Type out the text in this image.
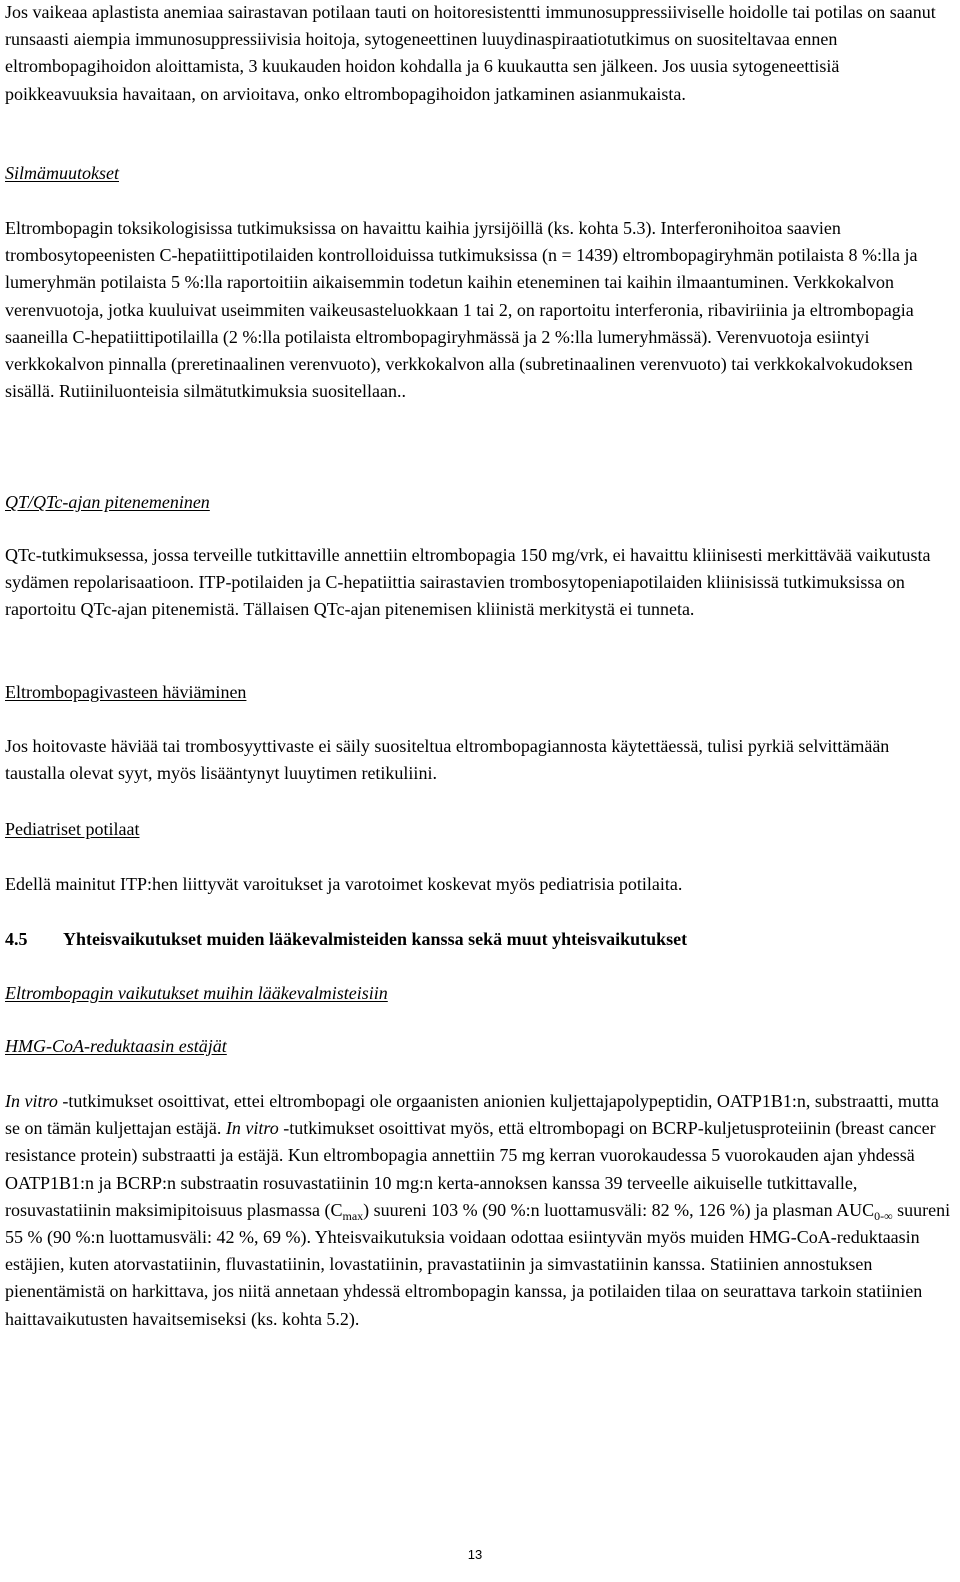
Jos vaikeaa aplastista anemiaa sairastavan potilaan tauti on hoitoresistentti immunosuppressiiviselle hoidolle tai potilas on saanut runsaasti aiempia immunosuppressiivisia hoitoja, sytogeneettinen luuydinaspiraatiotutkimus on suositeltavaa ennen eltrombopagihoidon aloittamista, 3 kuukauden hoidon kohdalla ja 6 kuukautta sen jälkeen. Jos uusia sytogeneettisiä poikkeavuuksia havaitaan, on arvioitava, onko eltrombopagihoidon jatkaminen asianmukaista.

Silmämuutokset

Eltrombopagin toksikologisissa tutkimuksissa on havaittu kaihia jyrsijöillä (ks. kohta 5.3). Interferonihoitoa saavien trombosytopeenisten C-hepatiittipotilaiden kontrolloiduissa tutkimuksissa (n = 1439) eltrombopagiryhmän potilaista 8 %:lla ja lumeryhmän potilaista 5 %:lla raportoitiin aikaisemmin todetun kaihin eteneminen tai kaihin ilmaantuminen. Verkkokalvon verenvuotoja, jotka kuuluivat useimmiten vaikeusasteluokkaan 1 tai 2, on raportoitu interferonia, ribaviriinia ja eltrombopagia saaneilla C-hepatiittipotilailla (2 %:lla potilaista eltrombopagiryhmässä ja 2 %:lla lumeryhmässä). Verenvuotoja esiintyi verkkokalvon pinnalla (preretinaalinen verenvuoto), verkkokalvon alla (subretinaalinen verenvuoto) tai verkkokalvokudoksen sisällä. Rutiiniluonteisia silmätutkimuksia suositellaan..

QT/QTc-ajan pitenemeninen

QTc-tutkimuksessa, jossa terveille tutkittaville annettiin eltrombopagia 150 mg/vrk, ei havaittu kliinisesti merkittävää vaikutusta sydämen repolarisaatioon. ITP-potilaiden ja C-hepatiittia sairastavien trombosytopeniapotilaiden kliinisissä tutkimuksissa on raportoitu QTc-ajan pitenemistä. Tällaisen QTc-ajan pitenemisen kliinistä merkitystä ei tunneta.

Eltrombopagivasteen häviäminen

Jos hoitovaste häviää tai trombosyyttivaste ei säily suositeltua eltrombopagiannosta käytettäessä, tulisi pyrkiä selvittämään taustalla olevat syyt, myös lisääntynyt luuytimen retikuliini.

Pediatriset potilaat

Edellä mainitut ITP:hen liittyvät varoitukset ja varotoimet koskevat myös pediatrisia potilaita.

4.5 Yhteisvaikutukset muiden lääkevalmisteiden kanssa sekä muut yhteisvaikutukset

Eltrombopagin vaikutukset muihin lääkevalmisteisiin

HMG-CoA-reduktaasin estäjät

In vitro -tutkimukset osoittivat, ettei eltrombopagi ole orgaanisten anionien kuljettajapolypeptidin, OATP1B1:n, substraatti, mutta se on tämän kuljettajan estäjä. In vitro -tutkimukset osoittivat myös, että eltrombopagi on BCRP-kuljetusproteiinin (breast cancer resistance protein) substraatti ja estäjä. Kun eltrombopagia annettiin 75 mg kerran vuorokaudessa 5 vuorokauden ajan yhdessä OATP1B1:n ja BCRP:n substraatin rosuvastatiinin 10 mg:n kerta-annoksen kanssa 39 terveelle aikuiselle tutkittavalle, rosuvastatiinin maksimipitoisuus plasmassa $(C_{max})$ suureni 103 % (90 %:n luottamusväli: 82 %, 126 %) ja plasman $AUC_{0-\infty}$ suureni 55 % (90 %:n luottamusväli: 42 %, 69 %). Yhteisvaikutuksia voidaan odottaa esiintyvän myös muiden HMG-CoA-reduktaasin estäjien, kuten atorvastatiinin, fluvastatiinin, lovastatiinin, pravastatiinin ja simvastatiinin kanssa. Statiinien annostuksen pienentämistä on harkittava, jos niitä annetaan yhdessä eltrombopagin kanssa, ja potilaiden tilaa on seurattava tarkoin statiinien haittavaikutusten havaitsemiseksi (ks. kohta 5.2).

13
